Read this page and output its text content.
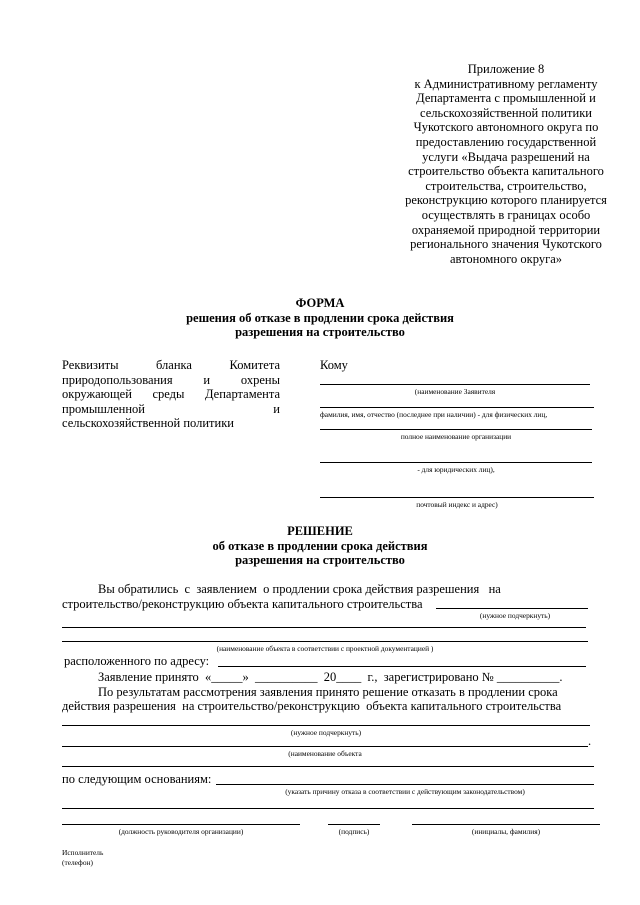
Приложение 8
к Административному регламенту
Департамента с промышленной и
сельскохозяйственной политики
Чукотского автономного округа по
предоставлению государственной
услуги «Выдача разрешений на
строительство объекта капитального
строительства, строительство,
реконструкцию которого планируется
осуществлять в границах особо
охраняемой природной территории
регионального значения Чукотского
автономного округа»
ФОРМА
решения об отказе в продлении срока действия
разрешения на строительство
Реквизиты бланка Комитета
природопользования и охрены
окружающей среды Департамента
промышленной и
сельскохозяйственной политики
Кому
(наименование Заявителя
фамилия, имя, отчество (последнее при наличии) - для физических лиц,
полное наименование организации
- для юридических лиц),
почтовый индекс и адрес)
РЕШЕНИЕ
об отказе в продлении срока действия
разрешения на строительство
Вы обратились  с  заявлением  о продлении срока действия разрешения   на
строительство/реконструкцию объекта капитального строительства
(нужное подчеркнуть)
(наименование объекта в соответствии с проектной документацией )
расположенного по адресу:
Заявление принято  «_____»  __________  20____  г.,  зарегистрировано № __________.
По результатам рассмотрения заявления принято решение отказать в продлении срока
действия разрешения  на строительство/реконструкцию  объекта капитального строительства
(нужное подчеркнуть)
.
(наименование объекта
по следующим основаниям:
(указать причину отказа в соответствии с действующим законодательством)
(должность руководителя организации)	(подпись)	(инициалы, фамилия)
Исполнитель
(телефон)
